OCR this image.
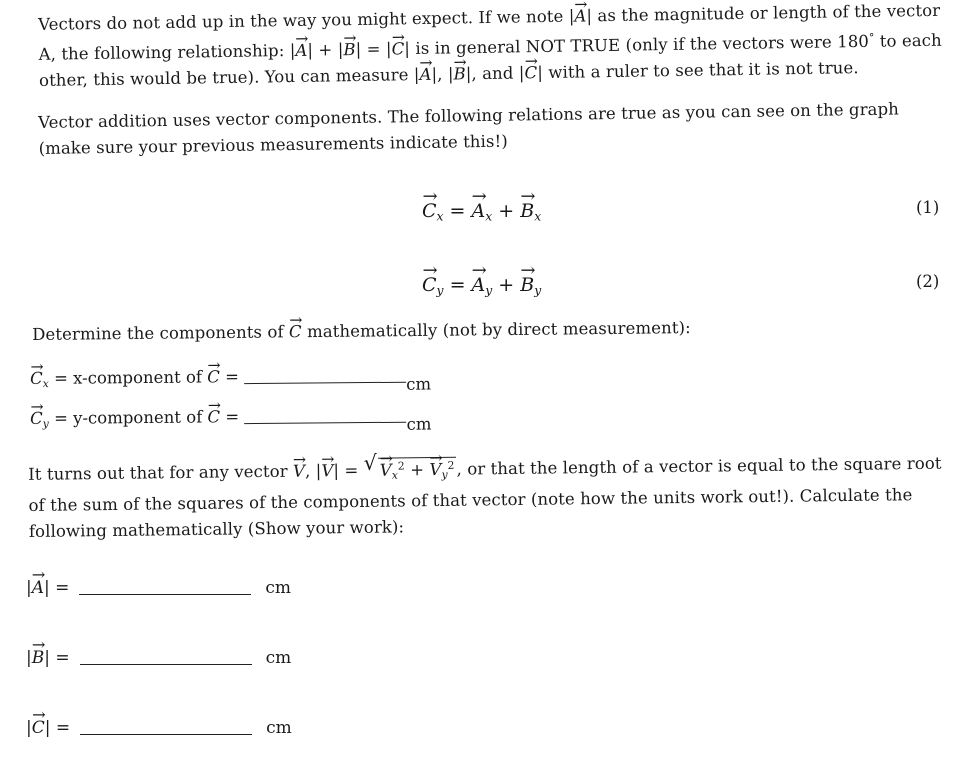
Vectors do not add up in the way you might expect. If we note |→ A| as the magnitude or length of the vector A, the following relationship: |→ A| + |→ B| = |→ C| is in general NOT TRUE (only if the vectors were 180° to each other, this would be true). You can measure |→ A|, |→ B|, and |→ C| with a ruler to see that it is not true.
Vector addition uses vector components. The following relations are true as you can see on the graph (make sure your previous measurements indicate this!)
→ $C_x$ = → $A_x$ + → $B_x$	(1)
→ $C_y$ = → $A_y$ + → $B_y$	(2)
Determine the components of → C mathematically (not by direct measurement):
→ $C_x$ = x-component of → C =	cm
→ $C_y$ = y-component of → C =	cm
It turns out that for any vector → V, |→ V| = √
→ $V_x^2$ + → $V_y^2$ , or that the length of a vector is equal to the square root of the sum of the squares of the components of that vector (note how the units work out!). Calculate the following mathematically (Show your work):
|→ A| =	cm
|→ B| =	cm
|→ C| =	cm
